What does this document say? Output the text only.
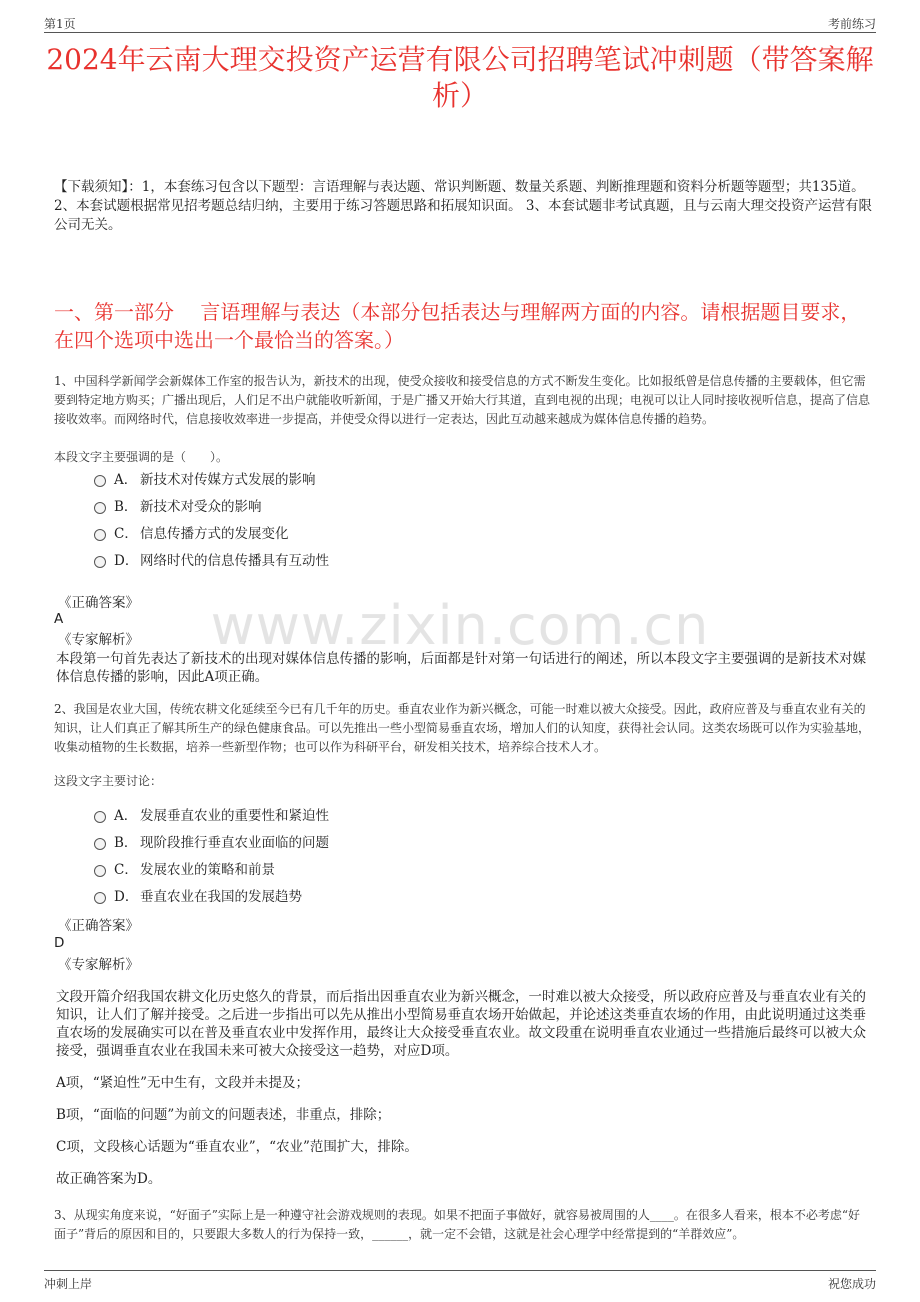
第1页	考前练习
2024年云南大理交投资产运营有限公司招聘笔试冲刺题（带答案解析）
【下载须知】：1，本套练习包含以下题型：言语理解与表达题、常识判断题、数量关系题、判断推理题和资料分析题等题型；共135道。 2、本套试题根据常见招考题总结归纳，主要用于练习答题思路和拓展知识面。 3、本套试题非考试真题，且与云南大理交投资产运营有限公司无关。
一、第一部分　 言语理解与表达（本部分包括表达与理解两方面的内容。请根据题目要求，在四个选项中选出一个最恰当的答案。）
www.zixin.com.cn
1、中国科学新闻学会新媒体工作室的报告认为，新技术的出现，使受众接收和接受信息的方式不断发生变化。比如报纸曾是信息传播的主要载体，但它需要到特定地方购买；广播出现后，人们足不出户就能收听新闻，于是广播又开始大行其道，直到电视的出现；电视可以让人同时接收视听信息，提高了信息接收效率。而网络时代，信息接收效率进一步提高，并使受众得以进行一定表达，因此互动越来越成为媒体信息传播的趋势。
本段文字主要强调的是（　　）。
A． 新技术对传媒方式发展的影响
B． 新技术对受众的影响
C． 信息传播方式的发展变化
D． 网络时代的信息传播具有互动性
《正确答案》
A
《专家解析》
本段第一句首先表达了新技术的出现对媒体信息传播的影响，后面都是针对第一句话进行的阐述，所以本段文字主要强调的是新技术对媒体信息传播的影响，因此A项正确。
2、我国是农业大国，传统农耕文化延续至今已有几千年的历史。垂直农业作为新兴概念，可能一时难以被大众接受。因此，政府应普及与垂直农业有关的知识，让人们真正了解其所生产的绿色健康食品。可以先推出一些小型简易垂直农场，增加人们的认知度，获得社会认同。这类农场既可以作为实验基地，收集动植物的生长数据，培养一些新型作物；也可以作为科研平台，研发相关技术，培养综合技术人才。
这段文字主要讨论：
A． 发展垂直农业的重要性和紧迫性
B． 现阶段推行垂直农业面临的问题
C． 发展农业的策略和前景
D． 垂直农业在我国的发展趋势
《正确答案》
D
《专家解析》
文段开篇介绍我国农耕文化历史悠久的背景，而后指出因垂直农业为新兴概念，一时难以被大众接受，所以政府应普及与垂直农业有关的知识，让人们了解并接受。之后进一步指出可以先从推出小型简易垂直农场开始做起，并论述这类垂直农场的作用，由此说明通过这类垂直农场的发展确实可以在普及垂直农业中发挥作用，最终让大众接受垂直农业。故文段重在说明垂直农业通过一些措施后最终可以被大众接受，强调垂直农业在我国未来可被大众接受这一趋势，对应D项。
A项，“紧迫性”无中生有，文段并未提及；
B项，“面临的问题”为前文的问题表述，非重点，排除；
C项，文段核心话题为“垂直农业”，“农业”范围扩大，排除。
故正确答案为D。
3、从现实角度来说，“好面子”实际上是一种遵守社会游戏规则的表现。如果不把面子事做好，就容易被周围的人____。在很多人看来，根本不必考虑“好面子”背后的原因和目的，只要跟大多数人的行为保持一致，______，就一定不会错，这就是社会心理学中经常提到的“羊群效应”。
冲刺上岸	祝您成功
